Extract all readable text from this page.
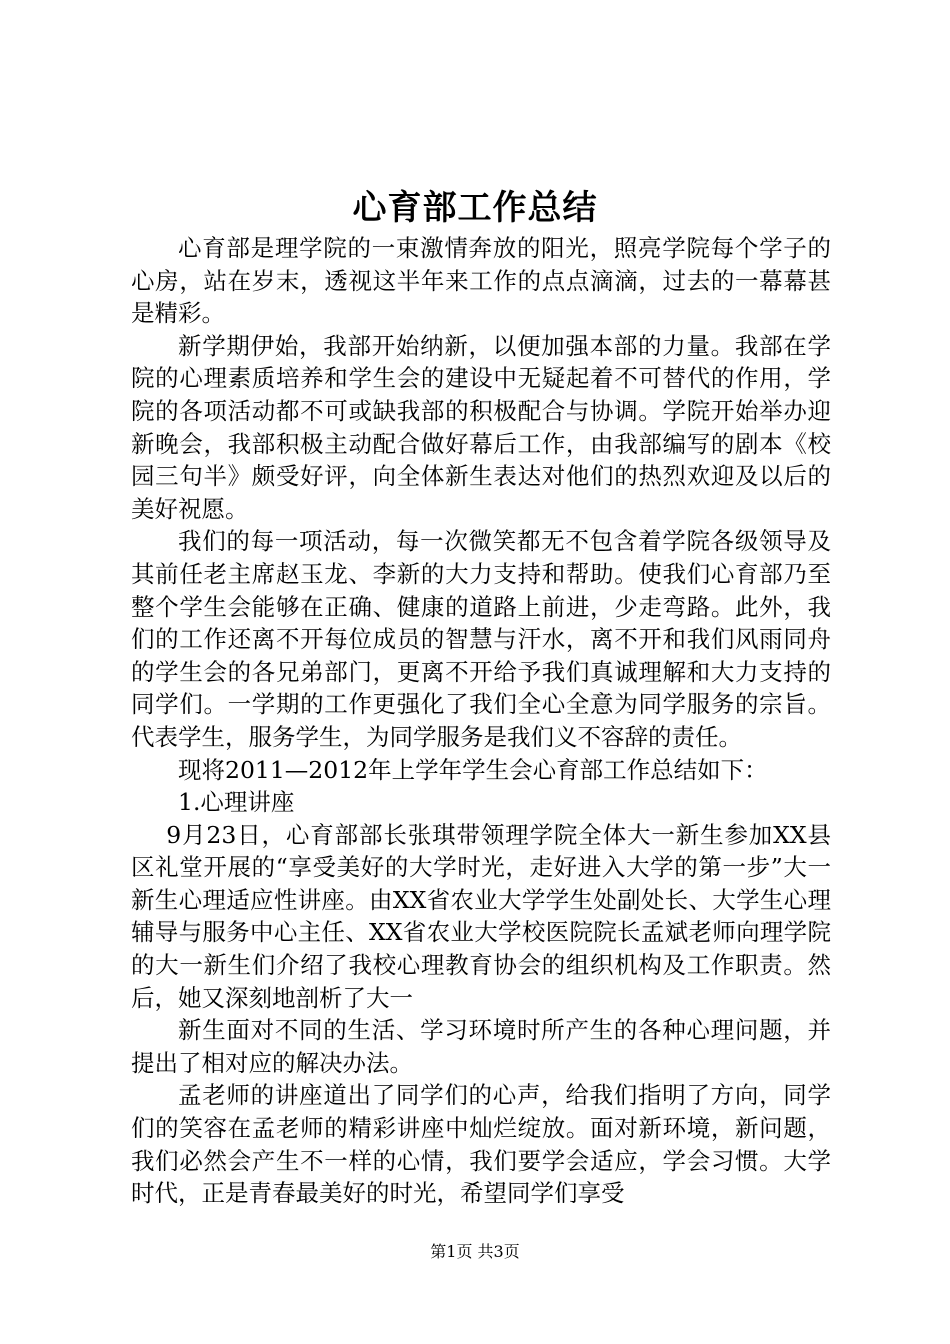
心育部工作总结

心育部是理学院的一束激情奔放的阳光，照亮学院每个学子的心房，站在岁末，透视这半年来工作的点点滴滴，过去的一幕幕甚是精彩。

新学期伊始，我部开始纳新，以便加强本部的力量。我部在学院的心理素质培养和学生会的建设中无疑起着不可替代的作用，学院的各项活动都不可或缺我部的积极配合与协调。学院开始举办迎新晚会，我部积极主动配合做好幕后工作，由我部编写的剧本《校园三句半》颇受好评，向全体新生表达对他们的热烈欢迎及以后的美好祝愿。

我们的每一项活动，每一次微笑都无不包含着学院各级领导及其前任老主席赵玉龙、李新的大力支持和帮助。使我们心育部乃至整个学生会能够在正确、健康的道路上前进，少走弯路。此外，我们的工作还离不开每位成员的智慧与汗水，离不开和我们风雨同舟的学生会的各兄弟部门，更离不开给予我们真诚理解和大力支持的同学们。一学期的工作更强化了我们全心全意为同学服务的宗旨。代表学生，服务学生，为同学服务是我们义不容辞的责任。

现将2011—2012年上学年学生会心育部工作总结如下：

1.心理讲座

9月23日，心育部部长张琪带领理学院全体大一新生参加XX县区礼堂开展的“享受美好的大学时光，走好进入大学的第一步”大一新生心理适应性讲座。由XX省农业大学学生处副处长、大学生心理辅导与服务中心主任、XX省农业大学校医院院长孟斌老师向理学院的大一新生们介绍了我校心理教育协会的组织机构及工作职责。然后，她又深刻地剖析了大一

新生面对不同的生活、学习环境时所产生的各种心理问题，并提出了相对应的解决办法。

孟老师的讲座道出了同学们的心声，给我们指明了方向，同学们的笑容在孟老师的精彩讲座中灿烂绽放。面对新环境，新问题，我们必然会产生不一样的心情，我们要学会适应，学会习惯。大学时代，正是青春最美好的时光，希望同学们享受

第1页 共3页
